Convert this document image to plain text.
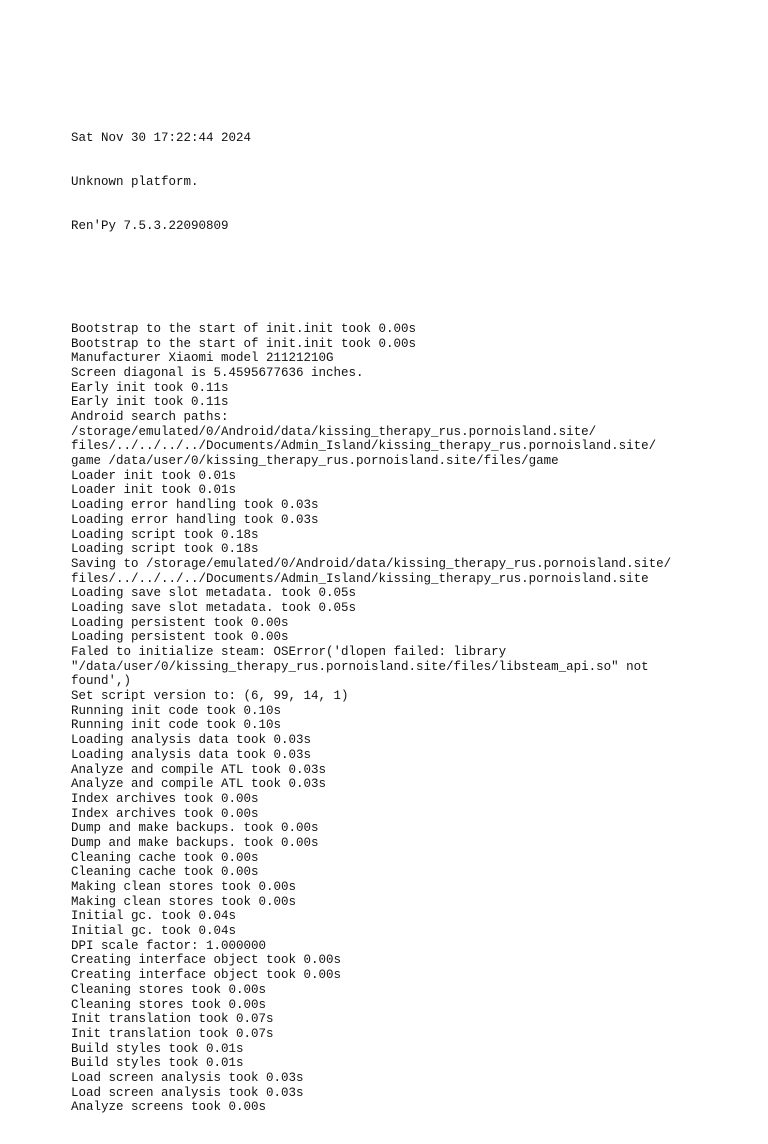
Sat Nov 30 17:22:44 2024

Unknown platform.

Ren'Py 7.5.3.22090809

Bootstrap to the start of init.init took 0.00s
Bootstrap to the start of init.init took 0.00s
Manufacturer Xiaomi model 21121210G
Screen diagonal is 5.4595677636 inches.
Early init took 0.11s
Early init took 0.11s
Android search paths:
/storage/emulated/0/Android/data/kissing_therapy_rus.pornoisland.site/
files/../../../../Documents/Admin_Island/kissing_therapy_rus.pornoisland.site/
game /data/user/0/kissing_therapy_rus.pornoisland.site/files/game
Loader init took 0.01s
Loader init took 0.01s
Loading error handling took 0.03s
Loading error handling took 0.03s
Loading script took 0.18s
Loading script took 0.18s
Saving to /storage/emulated/0/Android/data/kissing_therapy_rus.pornoisland.site/
files/../../../../Documents/Admin_Island/kissing_therapy_rus.pornoisland.site
Loading save slot metadata. took 0.05s
Loading save slot metadata. took 0.05s
Loading persistent took 0.00s
Loading persistent took 0.00s
Faled to initialize steam: OSError('dlopen failed: library
"/data/user/0/kissing_therapy_rus.pornoisland.site/files/libsteam_api.so" not
found',)
Set script version to: (6, 99, 14, 1)
Running init code took 0.10s
Running init code took 0.10s
Loading analysis data took 0.03s
Loading analysis data took 0.03s
Analyze and compile ATL took 0.03s
Analyze and compile ATL took 0.03s
Index archives took 0.00s
Index archives took 0.00s
Dump and make backups. took 0.00s
Dump and make backups. took 0.00s
Cleaning cache took 0.00s
Cleaning cache took 0.00s
Making clean stores took 0.00s
Making clean stores took 0.00s
Initial gc. took 0.04s
Initial gc. took 0.04s
DPI scale factor: 1.000000
Creating interface object took 0.00s
Creating interface object took 0.00s
Cleaning stores took 0.00s
Cleaning stores took 0.00s
Init translation took 0.07s
Init translation took 0.07s
Build styles took 0.01s
Build styles took 0.01s
Load screen analysis took 0.03s
Load screen analysis took 0.03s
Analyze screens took 0.00s
